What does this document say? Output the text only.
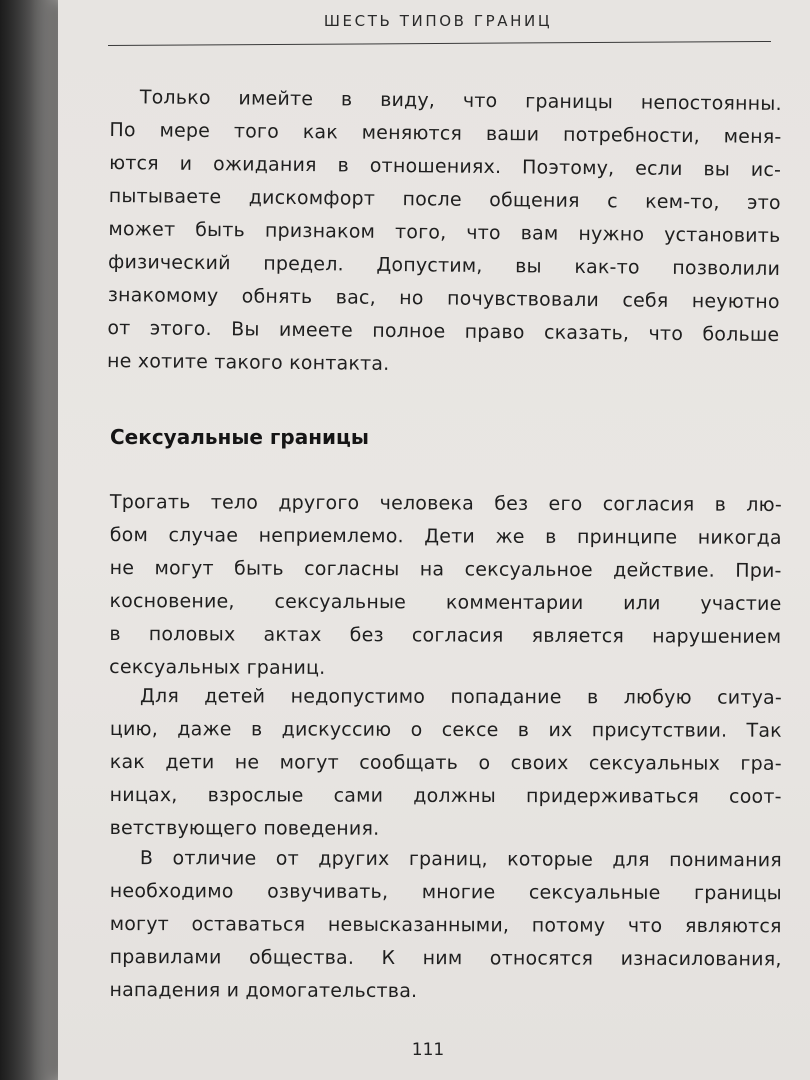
ШЕСТЬ ТИПОВ ГРАНИЦ
Только имейте в виду, что границы непостоянны.
По мере того как меняются ваши потребности, меня-
ются и ожидания в отношениях. Поэтому, если вы ис-
пытываете дискомфорт после общения с кем-то, это
может быть признаком того, что вам нужно установить
физический предел. Допустим, вы как-то позволили
знакомому обнять вас, но почувствовали себя неуютно
от этого. Вы имеете полное право сказать, что больше
не хотите такого контакта.
Сексуальные границы
Трогать тело другого человека без его согласия в лю-
бом случае неприемлемо. Дети же в принципе никогда
не могут быть согласны на сексуальное действие. При-
косновение, сексуальные комментарии или участие
в половых актах без согласия является нарушением
сексуальных границ.
Для детей недопустимо попадание в любую ситуа-
цию, даже в дискуссию о сексе в их присутствии. Так
как дети не могут сообщать о своих сексуальных гра-
ницах, взрослые сами должны придерживаться соот-
ветствующего поведения.
В отличие от других границ, которые для понимания
необходимо озвучивать, многие сексуальные границы
могут оставаться невысказанными, потому что являются
правилами общества. К ним относятся изнасилования,
нападения и домогательства.
111
